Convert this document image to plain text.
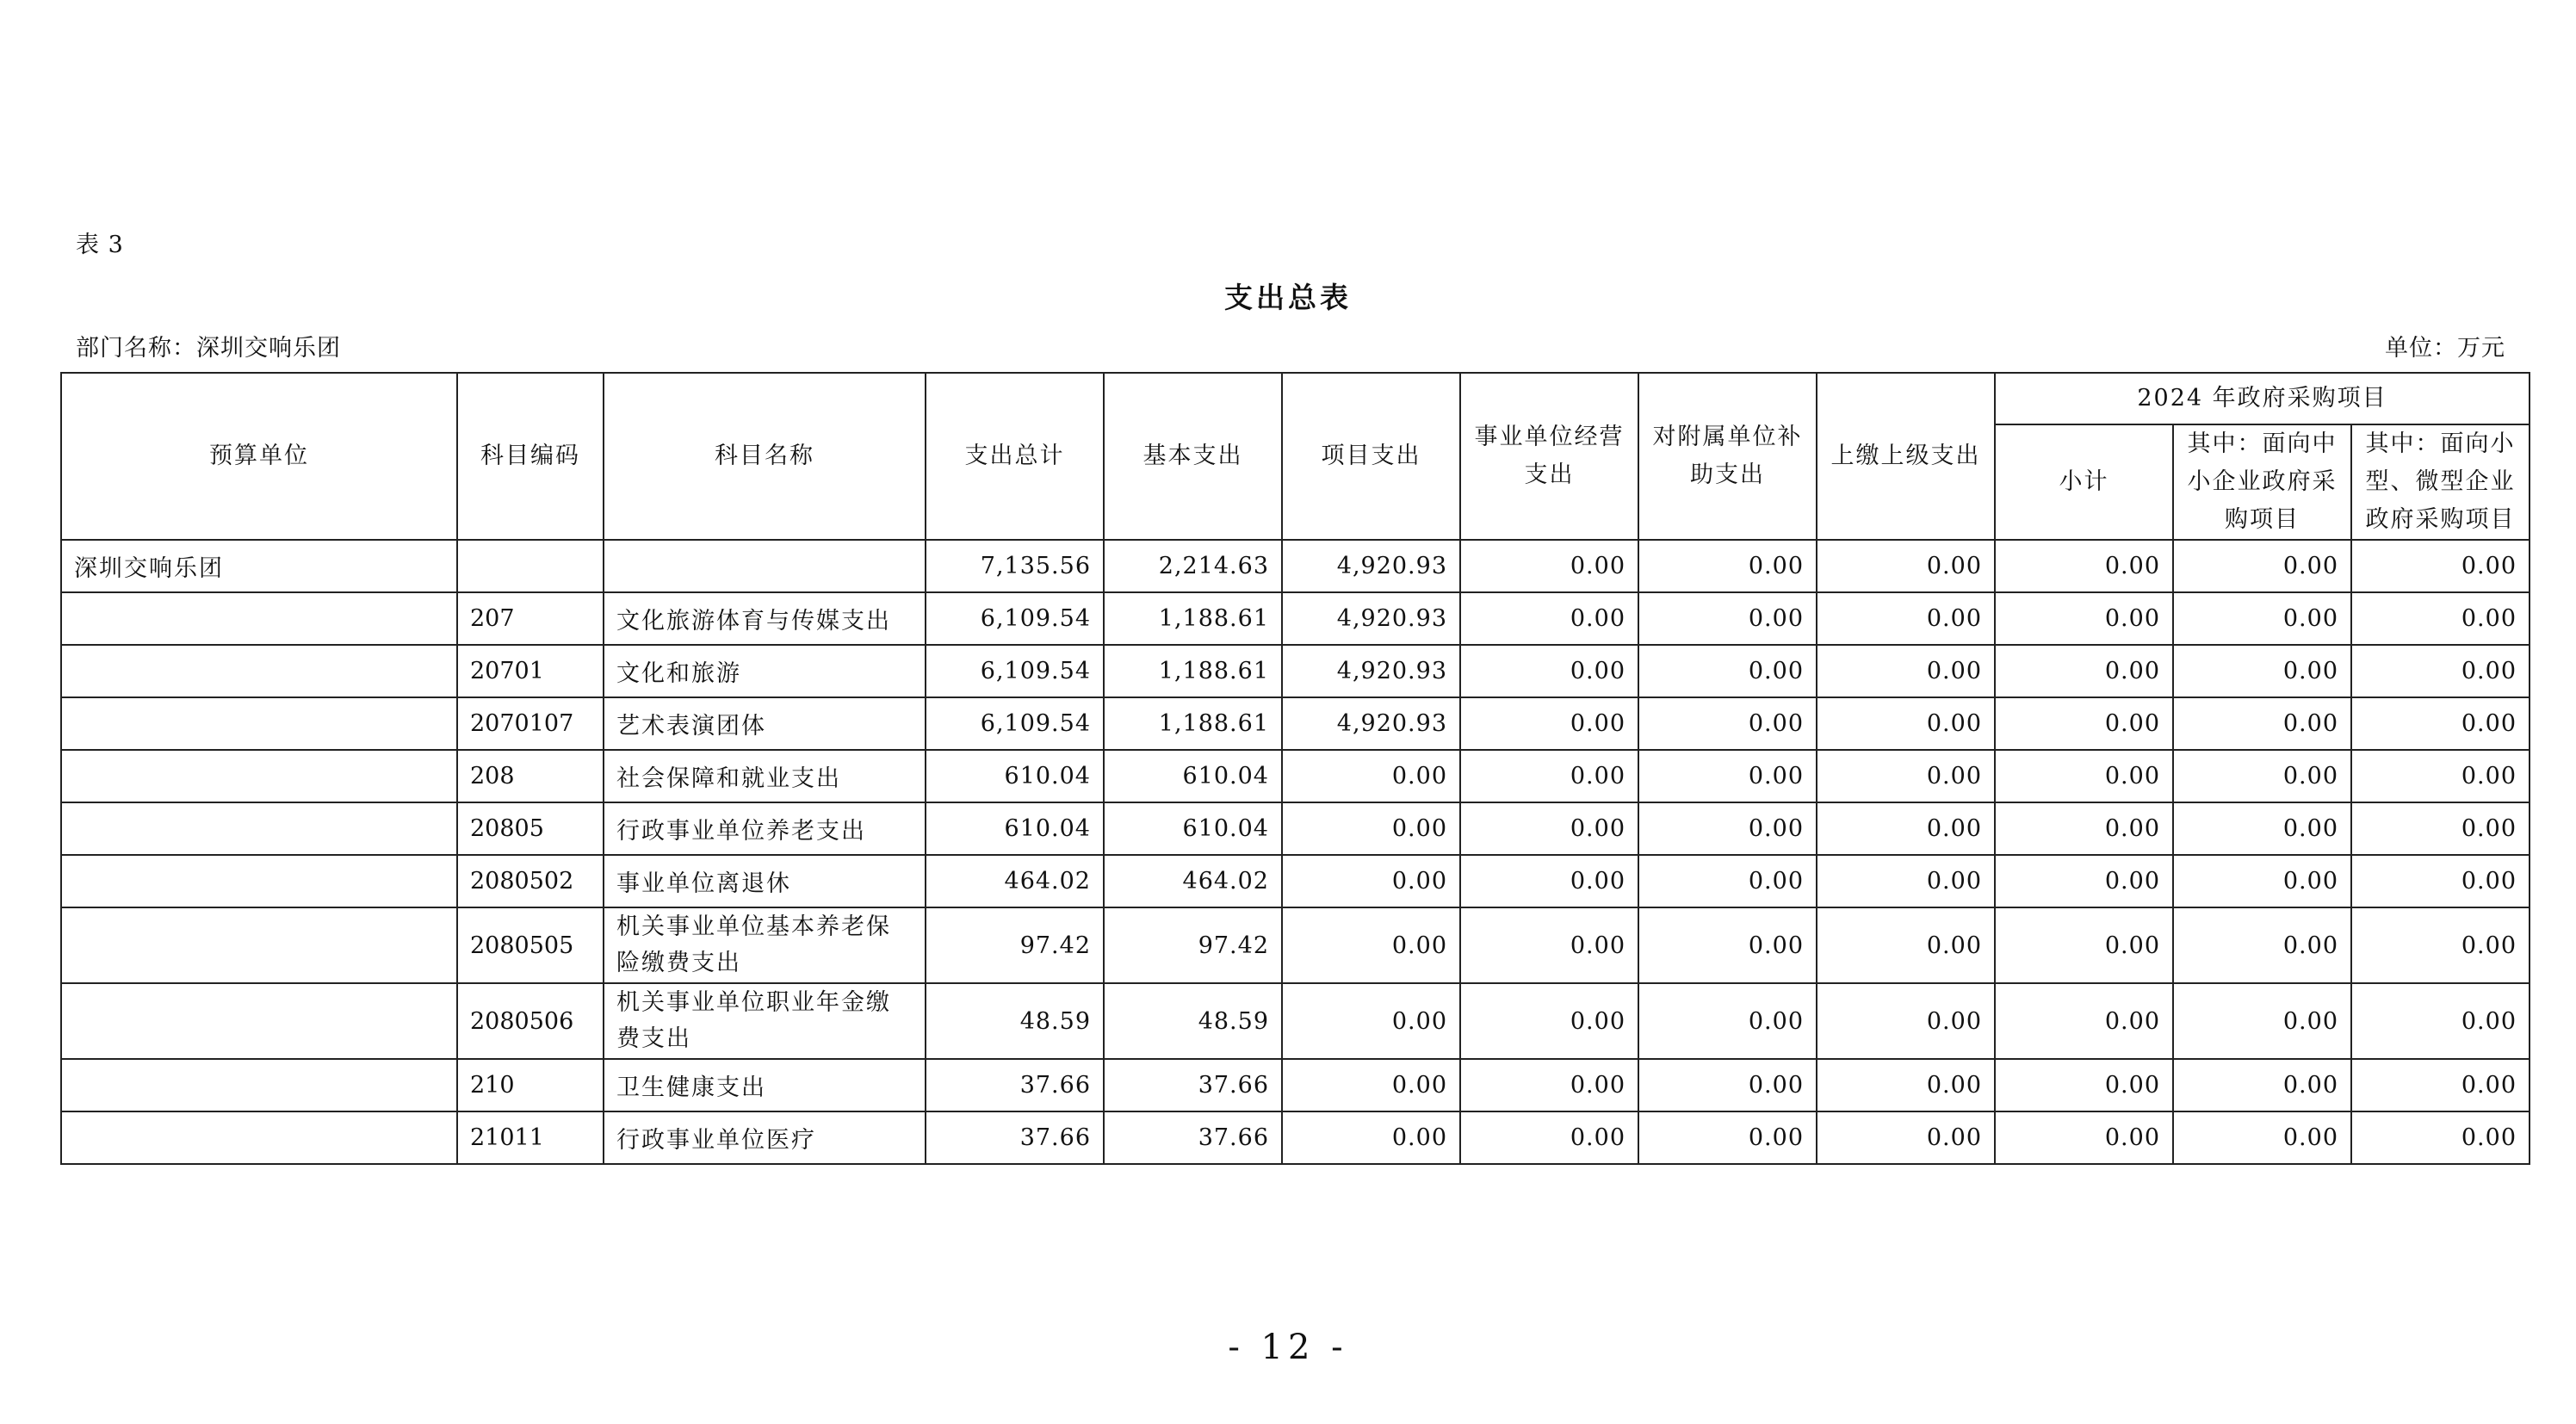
表 3
支出总表
部门名称：深圳交响乐团	单位：万元
预算单位	科目编码	科目名称	支出总计	基本支出	项目支出	事业单位经营支出	对附属单位补助支出	上缴上级支出	2024 年政府采购项目		
									小计	其中：面向中小企业政府采购项目	其中：面向小型、微型企业政府采购项目
深圳交响乐团			7,135.56	2,214.63	4,920.93	0.00	0.00	0.00	0.00	0.00	0.00
	207	文化旅游体育与传媒支出	6,109.54	1,188.61	4,920.93	0.00	0.00	0.00	0.00	0.00	0.00
	20701	文化和旅游	6,109.54	1,188.61	4,920.93	0.00	0.00	0.00	0.00	0.00	0.00
	2070107	艺术表演团体	6,109.54	1,188.61	4,920.93	0.00	0.00	0.00	0.00	0.00	0.00
	208	社会保障和就业支出	610.04	610.04	0.00	0.00	0.00	0.00	0.00	0.00	0.00
	20805	行政事业单位养老支出	610.04	610.04	0.00	0.00	0.00	0.00	0.00	0.00	0.00
	2080502	事业单位离退休	464.02	464.02	0.00	0.00	0.00	0.00	0.00	0.00	0.00
	2080505	机关事业单位基本养老保险缴费支出	97.42	97.42	0.00	0.00	0.00	0.00	0.00	0.00	0.00
	2080506	机关事业单位职业年金缴费支出	48.59	48.59	0.00	0.00	0.00	0.00	0.00	0.00	0.00
	210	卫生健康支出	37.66	37.66	0.00	0.00	0.00	0.00	0.00	0.00	0.00
	21011	行政事业单位医疗	37.66	37.66	0.00	0.00	0.00	0.00	0.00	0.00	0.00
- 12 -
